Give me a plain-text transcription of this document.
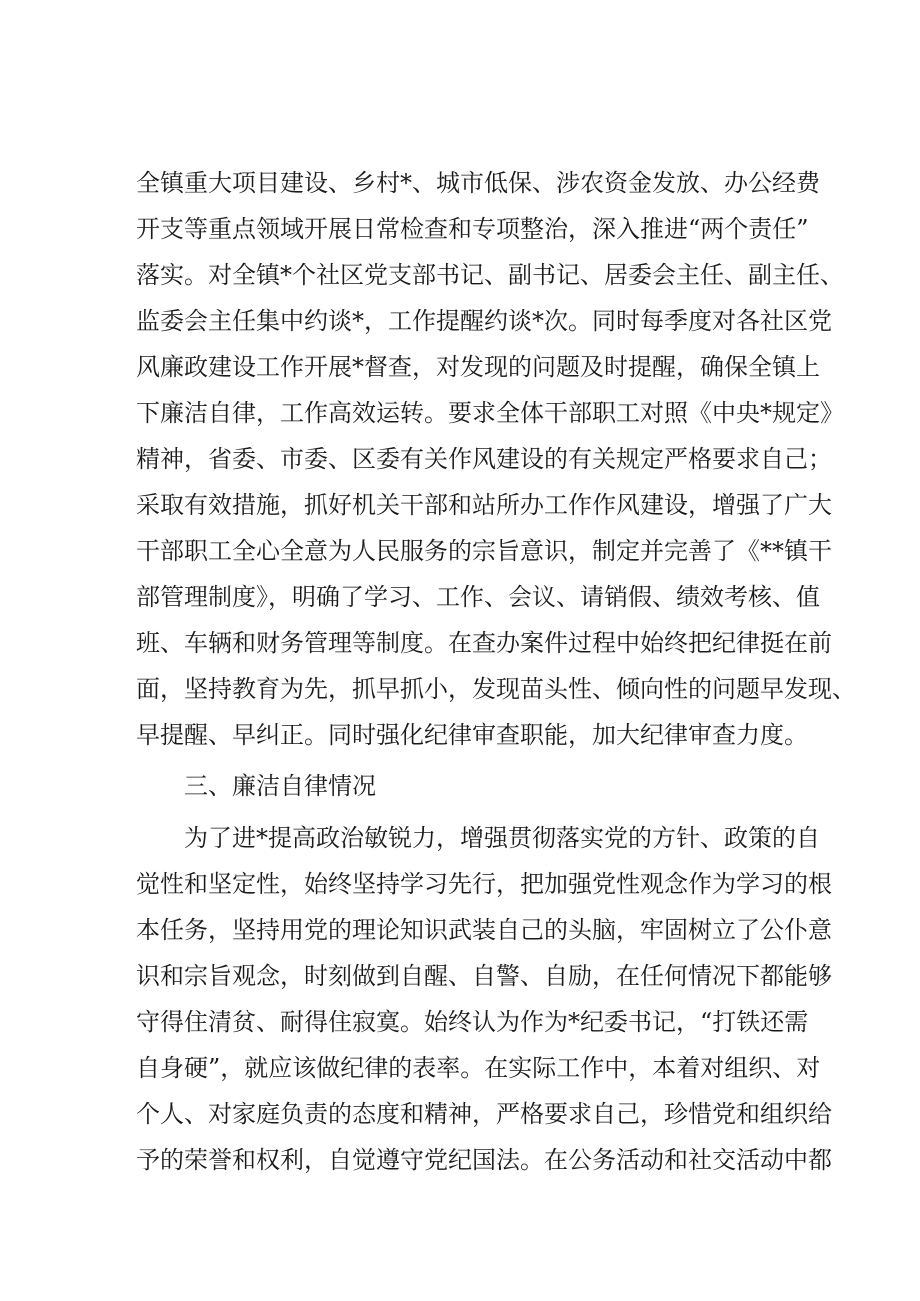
全镇重大项目建设、乡村*、城市低保、涉农资金发放、办公经费
开支等重点领域开展日常检查和专项整治，深入推进“两个责任”
落实。对全镇*个社区党支部书记、副书记、居委会主任、副主任、
监委会主任集中约谈*，工作提醒约谈*次。同时每季度对各社区党
风廉政建设工作开展*督查，对发现的问题及时提醒，确保全镇上
下廉洁自律，工作高效运转。要求全体干部职工对照《中央*规定》
精神，省委、市委、区委有关作风建设的有关规定严格要求自己；
采取有效措施，抓好机关干部和站所办工作作风建设，增强了广大
干部职工全心全意为人民服务的宗旨意识，制定并完善了《**镇干
部管理制度》，明确了学习、工作、会议、请销假、绩效考核、值
班、车辆和财务管理等制度。在查办案件过程中始终把纪律挺在前
面，坚持教育为先，抓早抓小，发现苗头性、倾向性的问题早发现、
早提醒、早纠正。同时强化纪律审查职能，加大纪律审查力度。
三、廉洁自律情况
为了进*提高政治敏锐力，增强贯彻落实党的方针、政策的自
觉性和坚定性，始终坚持学习先行，把加强党性观念作为学习的根
本任务，坚持用党的理论知识武装自己的头脑，牢固树立了公仆意
识和宗旨观念，时刻做到自醒、自警、自励，在任何情况下都能够
守得住清贫、耐得住寂寞。始终认为作为*纪委书记，“打铁还需
自身硬”，就应该做纪律的表率。在实际工作中，本着对组织、对
个人、对家庭负责的态度和精神，严格要求自己，珍惜党和组织给
予的荣誉和权利，自觉遵守党纪国法。在公务活动和社交活动中都
